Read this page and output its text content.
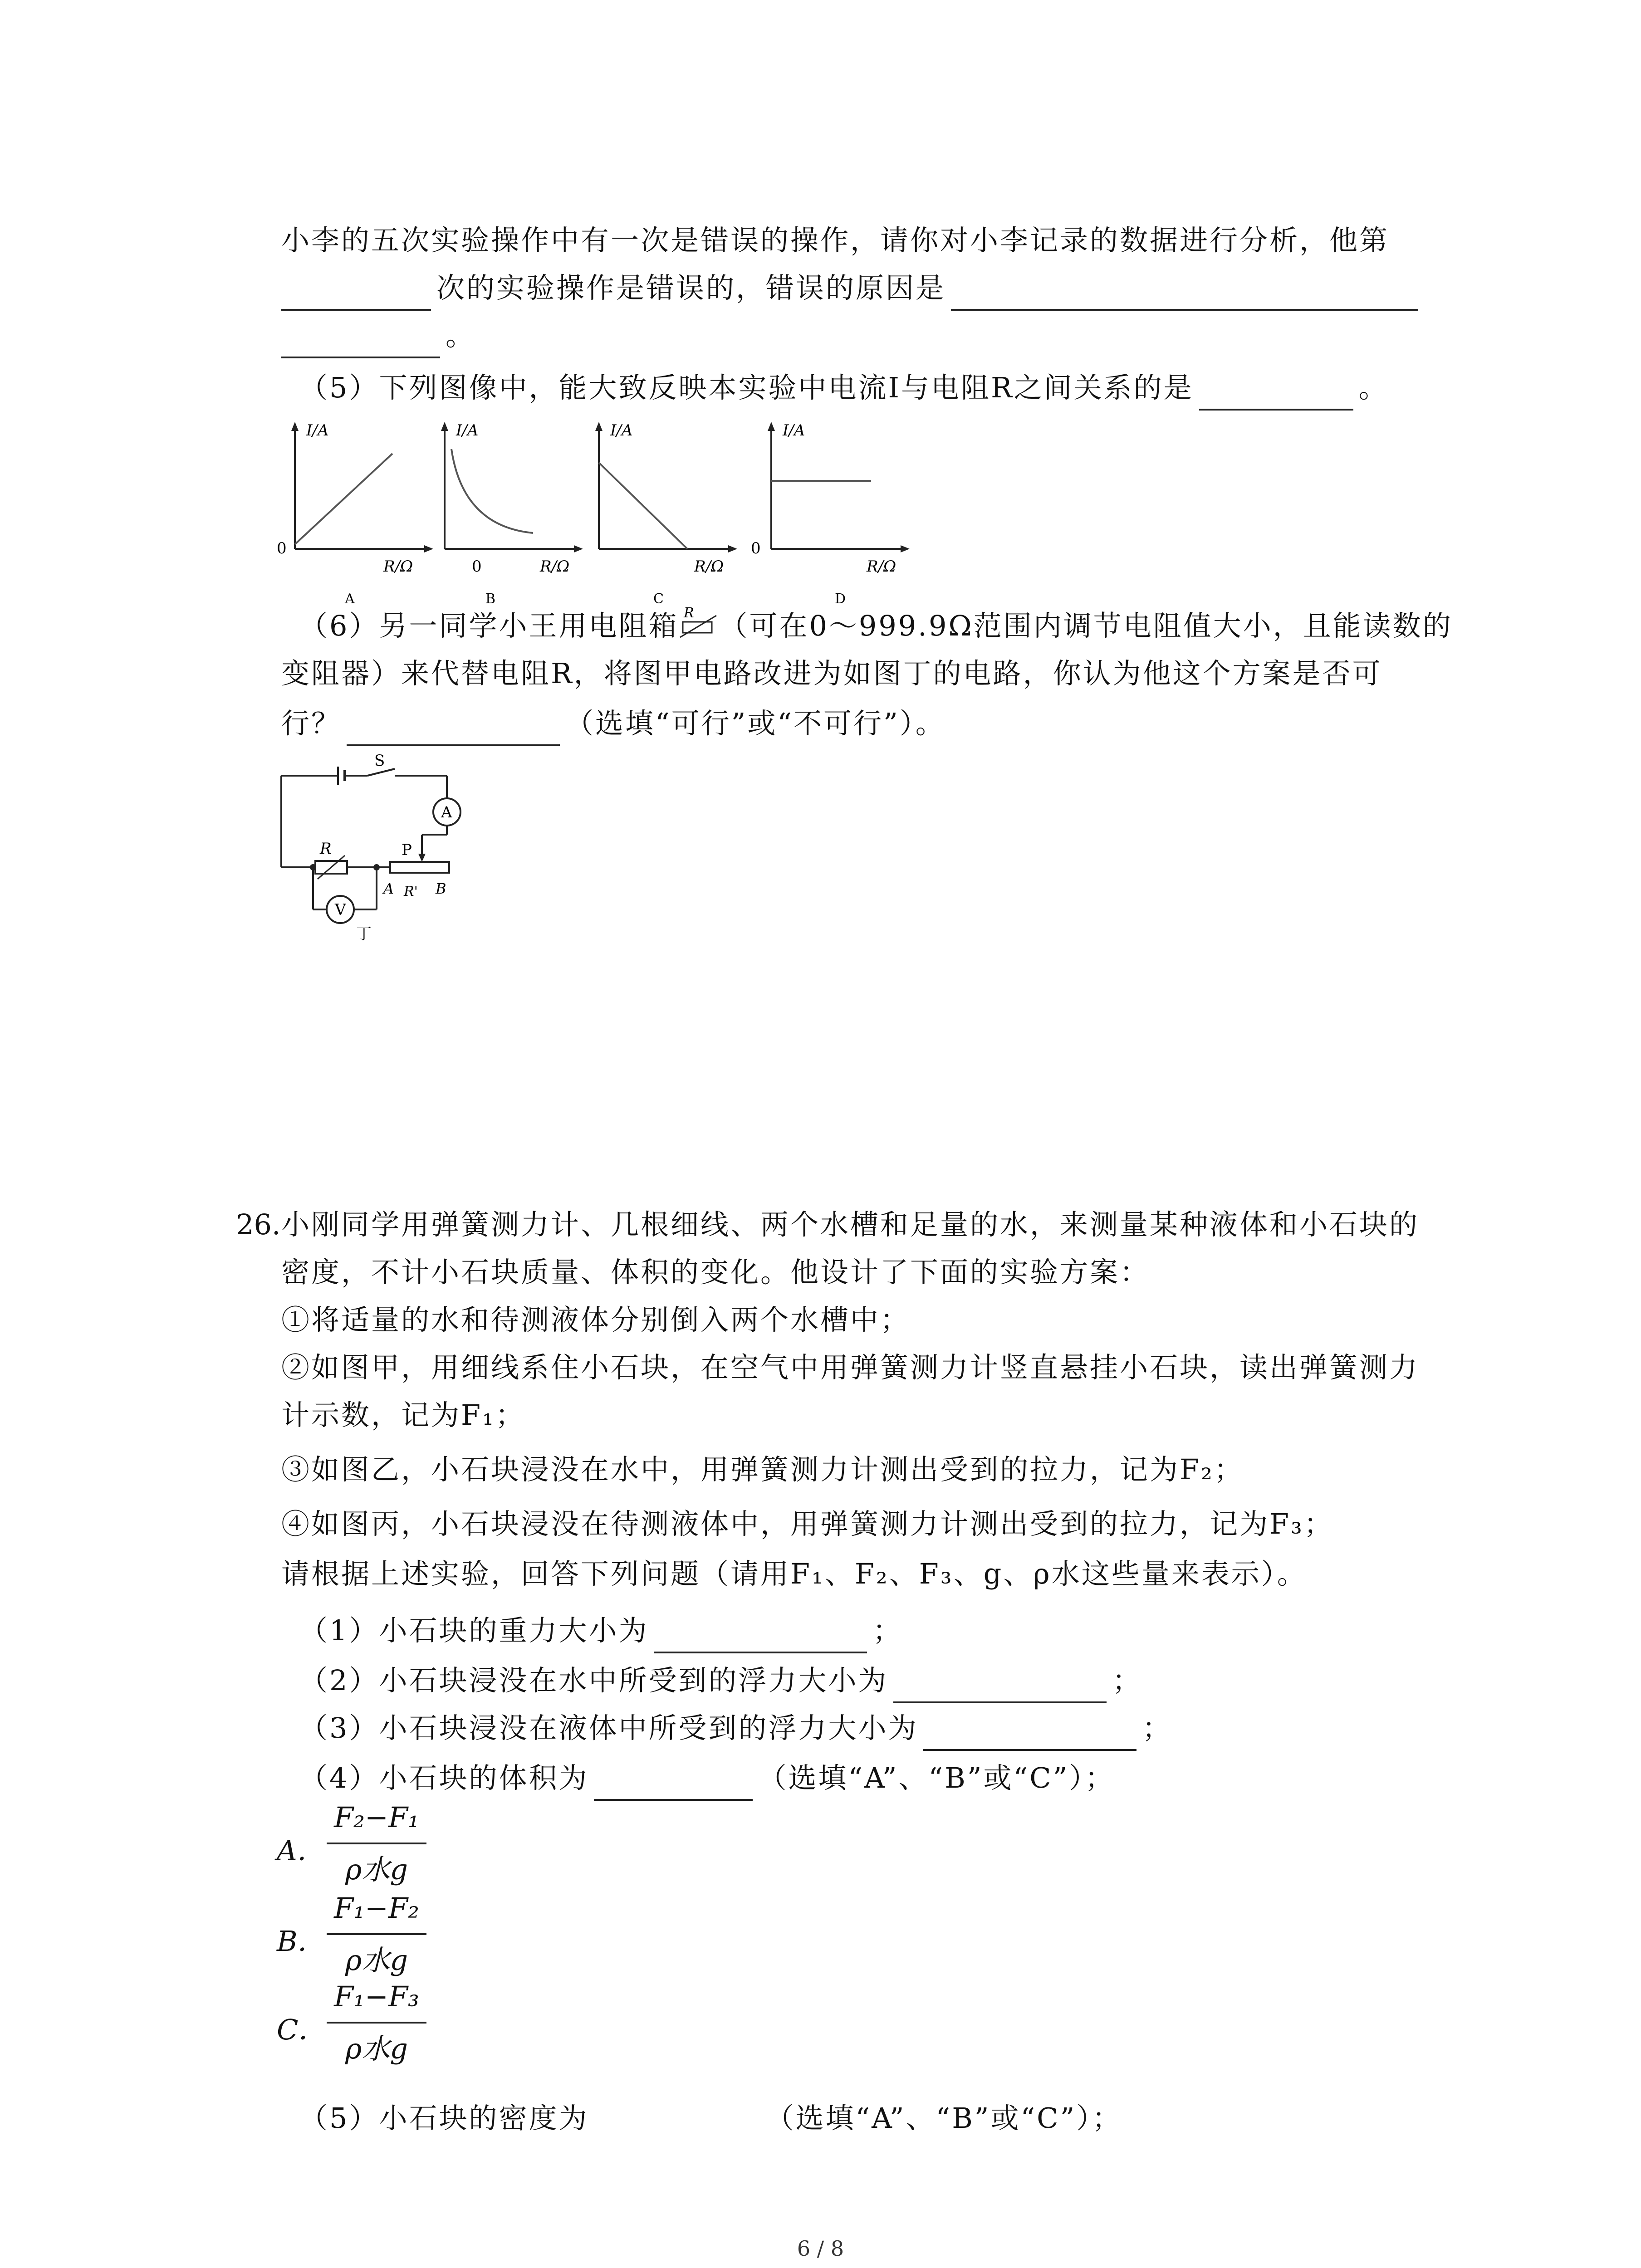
小李的五次实验操作中有一次是错误的操作，请你对小李记录的数据进行分析，他第
次的实验操作是错误的，错误的原因是
。
（5）下列图像中，能大致反映本实验中电流I与电阻R之间关系的是	。
I/A
0
R/Ω
A
I/A
0	R/Ω
B
I/A
R/Ω
C
I/A
0
R/Ω
D
（6）另一同学小王用电阻箱 R （可在0～999.9Ω范围内调节电阻值大小，且能读数的
变阻器）来代替电阻R，将图甲电路改进为如图丁的电路，你认为他这个方案是否可
行？	（选填“可行”或“不可行”）。
S
A
P
R
A R' B
V
丁
26. 小刚同学用弹簧测力计、几根细线、两个水槽和足量的水，来测量某种液体和小石块的
密度，不计小石块质量、体积的变化。他设计了下面的实验方案：
①将适量的水和待测液体分别倒入两个水槽中；
②如图甲，用细线系住小石块，在空气中用弹簧测力计竖直悬挂小石块，读出弹簧测力
计示数，记为F₁；
③如图乙，小石块浸没在水中，用弹簧测力计测出受到的拉力，记为F₂；
④如图丙，小石块浸没在待测液体中，用弹簧测力计测出受到的拉力，记为F₃；
请根据上述实验，回答下列问题（请用F₁、F₂、F₃、g、ρ水这些量来表示）。
（1）小石块的重力大小为	；
（2）小石块浸没在水中所受到的浮力大小为	；
（3）小石块浸没在液体中所受到的浮力大小为	；
（4）小石块的体积为	（选填“A”、“B”或“C”）；
A．
F₂−F₁
ρ水g
B．
F₁−F₂
ρ水g
C．
F₁−F₃
ρ水g
（5）小石块的密度为	（选填“A”、“B”或“C”）；
6 / 8
